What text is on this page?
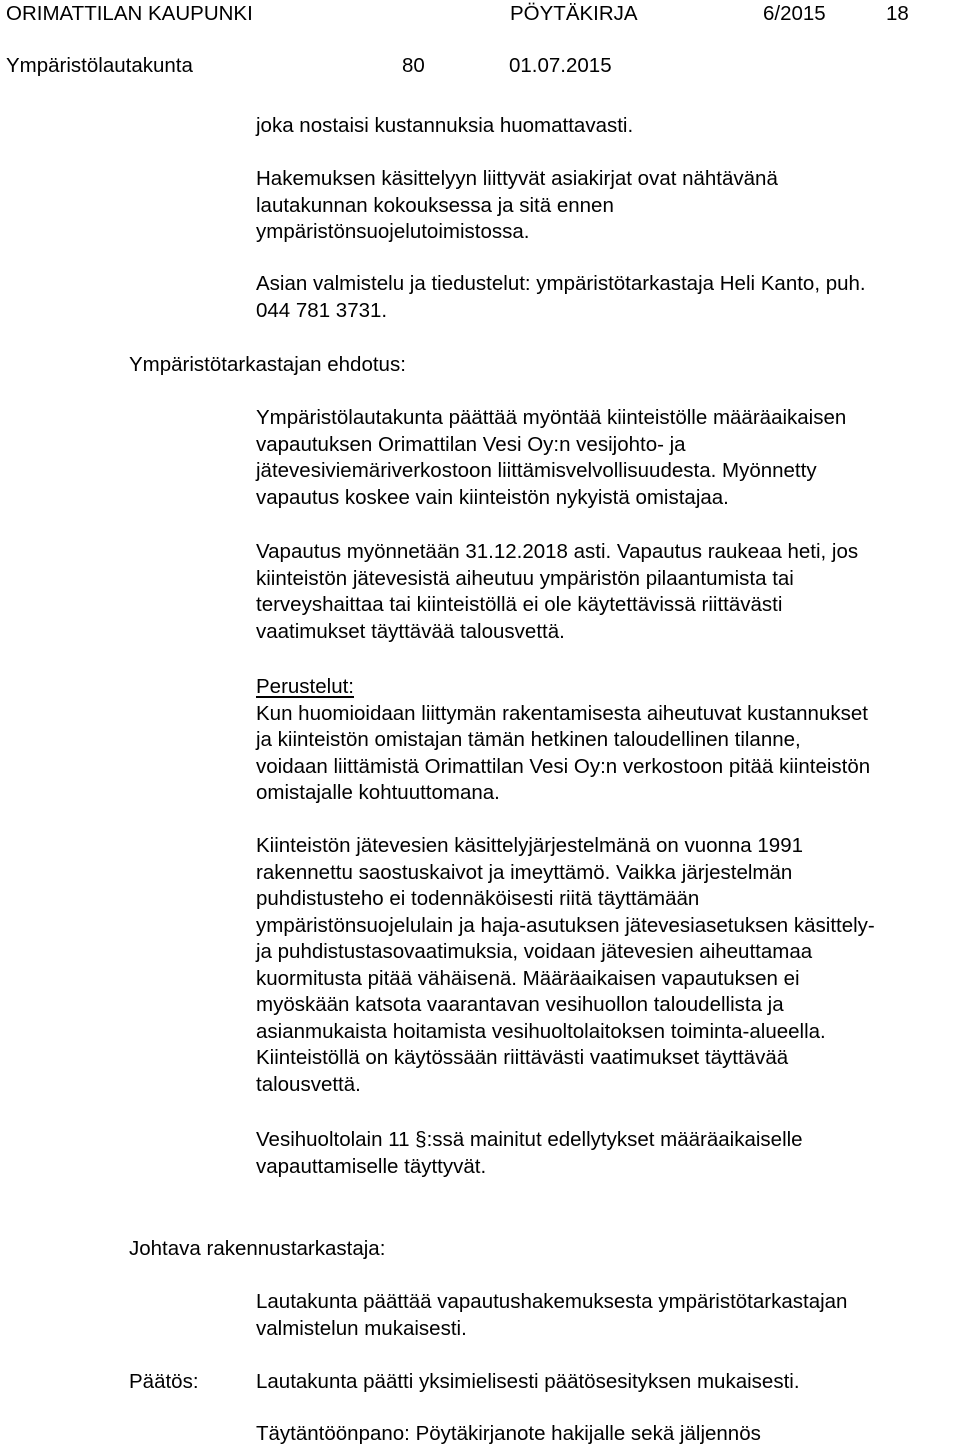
ORIMATTILAN KAUPUNKI	PÖYTÄKIRJA	6/2015	18
Ympäristölautakunta	80	01.07.2015

joka nostaisi kustannuksia huomattavasti.

Hakemuksen käsittelyyn liittyvät asiakirjat ovat nähtävänä

lautakunnan kokouksessa ja sitä ennen

ympäristönsuojelutoimistossa.

Asian valmistelu ja tiedustelut: ympäristötarkastaja Heli Kanto, puh.

044 781 3731.

Ympäristötarkastajan ehdotus:

Ympäristölautakunta päättää myöntää kiinteistölle määräaikaisen

vapautuksen Orimattilan Vesi Oy:n vesijohto- ja

jätevesiviemäriverkostoon liittämisvelvollisuudesta. Myönnetty

vapautus koskee vain kiinteistön nykyistä omistajaa.

Vapautus myönnetään 31.12.2018 asti. Vapautus raukeaa heti, jos

kiinteistön jätevesistä aiheutuu ympäristön pilaantumista tai

terveyshaittaa tai kiinteistöllä ei ole käytettävissä riittävästi

vaatimukset täyttävää talousvettä.

Perustelut:

Kun huomioidaan liittymän rakentamisesta aiheutuvat kustannukset

ja kiinteistön omistajan tämän hetkinen taloudellinen tilanne,

voidaan liittämistä Orimattilan Vesi Oy:n verkostoon pitää kiinteistön

omistajalle kohtuuttomana.

Kiinteistön jätevesien käsittelyjärjestelmänä on vuonna 1991

rakennettu saostuskaivot ja imeyttämö. Vaikka järjestelmän

puhdistusteho ei todennäköisesti riitä täyttämään

ympäristönsuojelulain ja haja-asutuksen jätevesiasetuksen käsittely-

ja puhdistustasovaatimuksia, voidaan jätevesien aiheuttamaa

kuormitusta pitää vähäisenä. Määräaikaisen vapautuksen ei

myöskään katsota vaarantavan vesihuollon taloudellista ja

asianmukaista hoitamista vesihuoltolaitoksen toiminta-alueella.

Kiinteistöllä on käytössään riittävästi vaatimukset täyttävää

talousvettä.

Vesihuoltolain 11 §:ssä mainitut edellytykset määräaikaiselle

vapauttamiselle täyttyvät.

Johtava rakennustarkastaja:

Lautakunta päättää vapautushakemuksesta ympäristötarkastajan

valmistelun mukaisesti.

Päätös:	Lautakunta päätti yksimielisesti päätösesityksen mukaisesti.

Täytäntöönpano: Pöytäkirjanote hakijalle sekä jäljennös
